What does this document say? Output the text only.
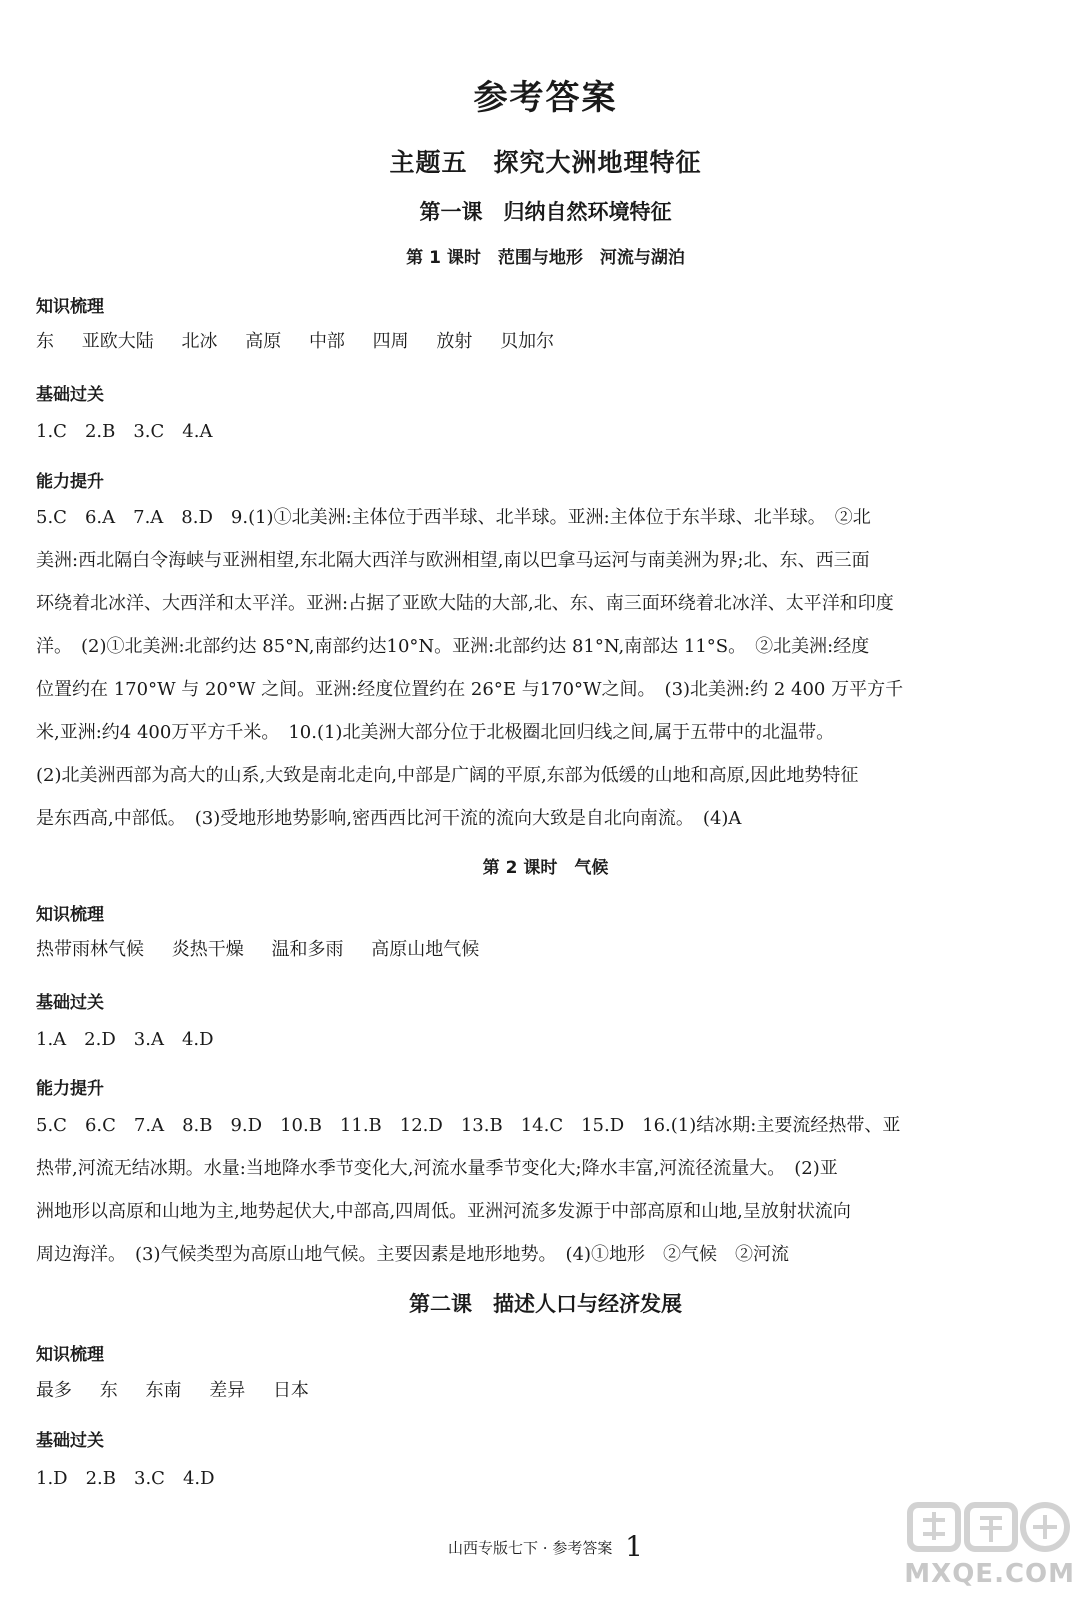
参考答案
主题五　探究大洲地理特征
第一课　归纳自然环境特征
第 1 课时　范围与地形　河流与湖泊
知识梳理
东 亚欧大陆 北冰 高原 中部 四周 放射 贝加尔
基础过关
1.C　2.B　3.C　4.A
能力提升
5.C　6.A　7.A　8.D　9.(1)①北美洲:主体位于西半球、北半球。亚洲:主体位于东半球、北半球。　②北
美洲:西北隔白令海峡与亚洲相望,东北隔大西洋与欧洲相望,南以巴拿马运河与南美洲为界;北、东、西三面
环绕着北冰洋、大西洋和太平洋。亚洲:占据了亚欧大陆的大部,北、东、南三面环绕着北冰洋、太平洋和印度
洋。　(2)①北美洲:北部约达 85°N,南部约达10°N。亚洲:北部约达 81°N,南部达 11°S。　②北美洲:经度
位置约在 170°W 与 20°W 之间。亚洲:经度位置约在 26°E 与170°W之间。　(3)北美洲:约 2 400 万平方千
米,亚洲:约4 400万平方千米。　10.(1)北美洲大部分位于北极圈北回归线之间,属于五带中的北温带。
(2)北美洲西部为高大的山系,大致是南北走向,中部是广阔的平原,东部为低缓的山地和高原,因此地势特征
是东西高,中部低。　(3)受地形地势影响,密西西比河干流的流向大致是自北向南流。　(4)A
第 2 课时　气候
知识梳理
热带雨林气候 炎热干燥 温和多雨 高原山地气候
基础过关
1.A　2.D　3.A　4.D
能力提升
5.C　6.C　7.A　8.B　9.D　10.B　11.B　12.D　13.B　14.C　15.D　16.(1)结冰期:主要流经热带、亚
热带,河流无结冰期。水量:当地降水季节变化大,河流水量季节变化大;降水丰富,河流径流量大。　(2)亚
洲地形以高原和山地为主,地势起伏大,中部高,四周低。亚洲河流多发源于中部高原和山地,呈放射状流向
周边海洋。　(3)气候类型为高原山地气候。主要因素是地形地势。　(4)①地形　②气候　②河流
第二课　描述人口与经济发展
知识梳理
最多 东 东南 差异 日本
基础过关
1.D　2.B　3.C　4.D
山西专版七下 · 参考答案 1
MXQE.COM
